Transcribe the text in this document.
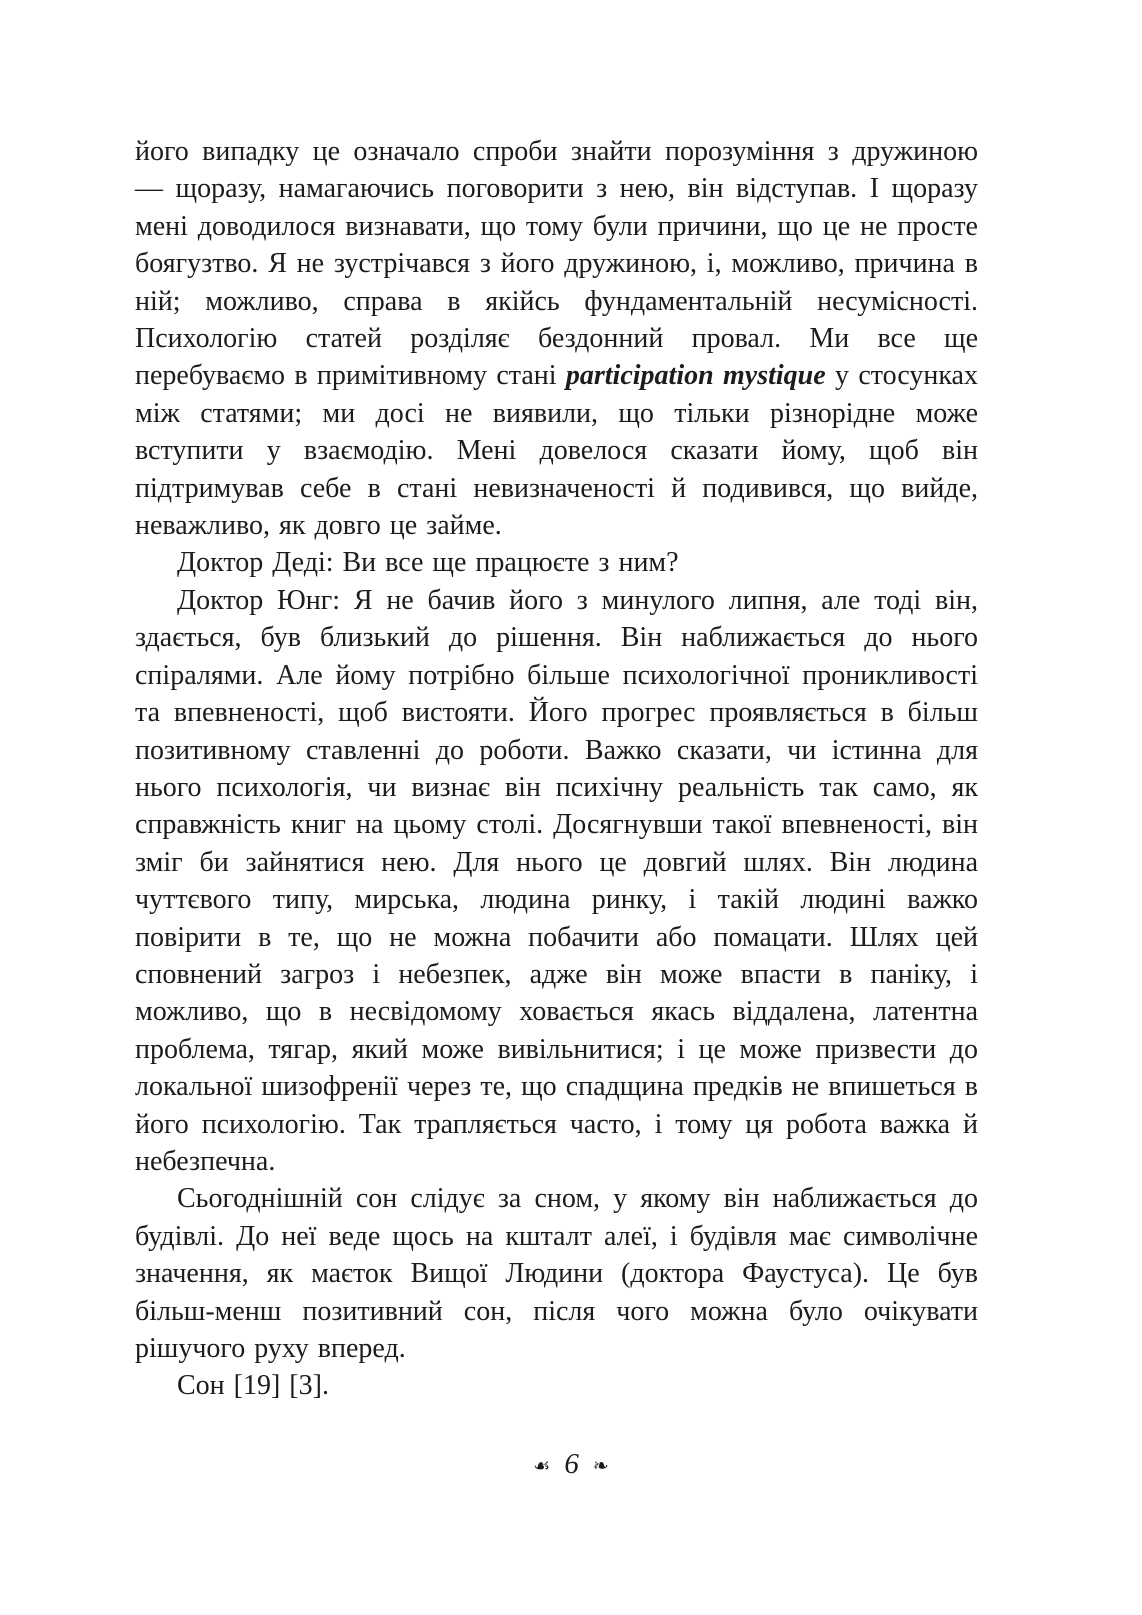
його випадку це означало спроби знайти порозуміння з дружиною — щоразу, намагаючись поговорити з нею, він відступав. І щоразу мені доводилося визнавати, що тому були причини, що це не просте боягузтво. Я не зустрічався з його дружиною, і, можливо, причина в ній; можливо, справа в якійсь фундаментальній несумісності. Психологію статей розділяє бездонний провал. Ми все ще перебуваємо в примітивному стані participation mystique у стосунках між статями; ми досі не виявили, що тільки різнорідне може вступити у взаємодію. Мені довелося сказати йому, щоб він підтримував себе в стані невизначеності й подивився, що вийде, неважливо, як довго це займе.

Доктор Деді: Ви все ще працюєте з ним?

Доктор Юнг: Я не бачив його з минулого липня, але тоді він, здається, був близький до рішення. Він наближається до нього спіралями. Але йому потрібно більше психологічної проникливості та впевненості, щоб вистояти. Його прогрес проявляється в більш позитивному ставленні до роботи. Важко сказати, чи істинна для нього психологія, чи визнає він психічну реальність так само, як справжність книг на цьому столі. Досягнувши такої впевненості, він зміг би зайнятися нею. Для нього це довгий шлях. Він людина чуттєвого типу, мирська, людина ринку, і такій людині важко повірити в те, що не можна побачити або помацати. Шлях цей сповнений загроз і небезпек, адже він може впасти в паніку, і можливо, що в несвідомому ховається якась віддалена, латентна проблема, тягар, який може вивільнитися; і це може призвести до локальної шизофренії через те, що спадщина предків не впишеться в його психологію. Так трапляється часто, і тому ця робота важка й небезпечна.

Сьогоднішній сон слідує за сном, у якому він наближається до будівлі. До неї веде щось на кшталт алеї, і будівля має символічне значення, як маєток Вищої Людини (доктора Фаустуса). Це був більш-менш позитивний сон, після чого можна було очікувати рішучого руху вперед.

Сон [19] [3].

☙ 6 ❧
